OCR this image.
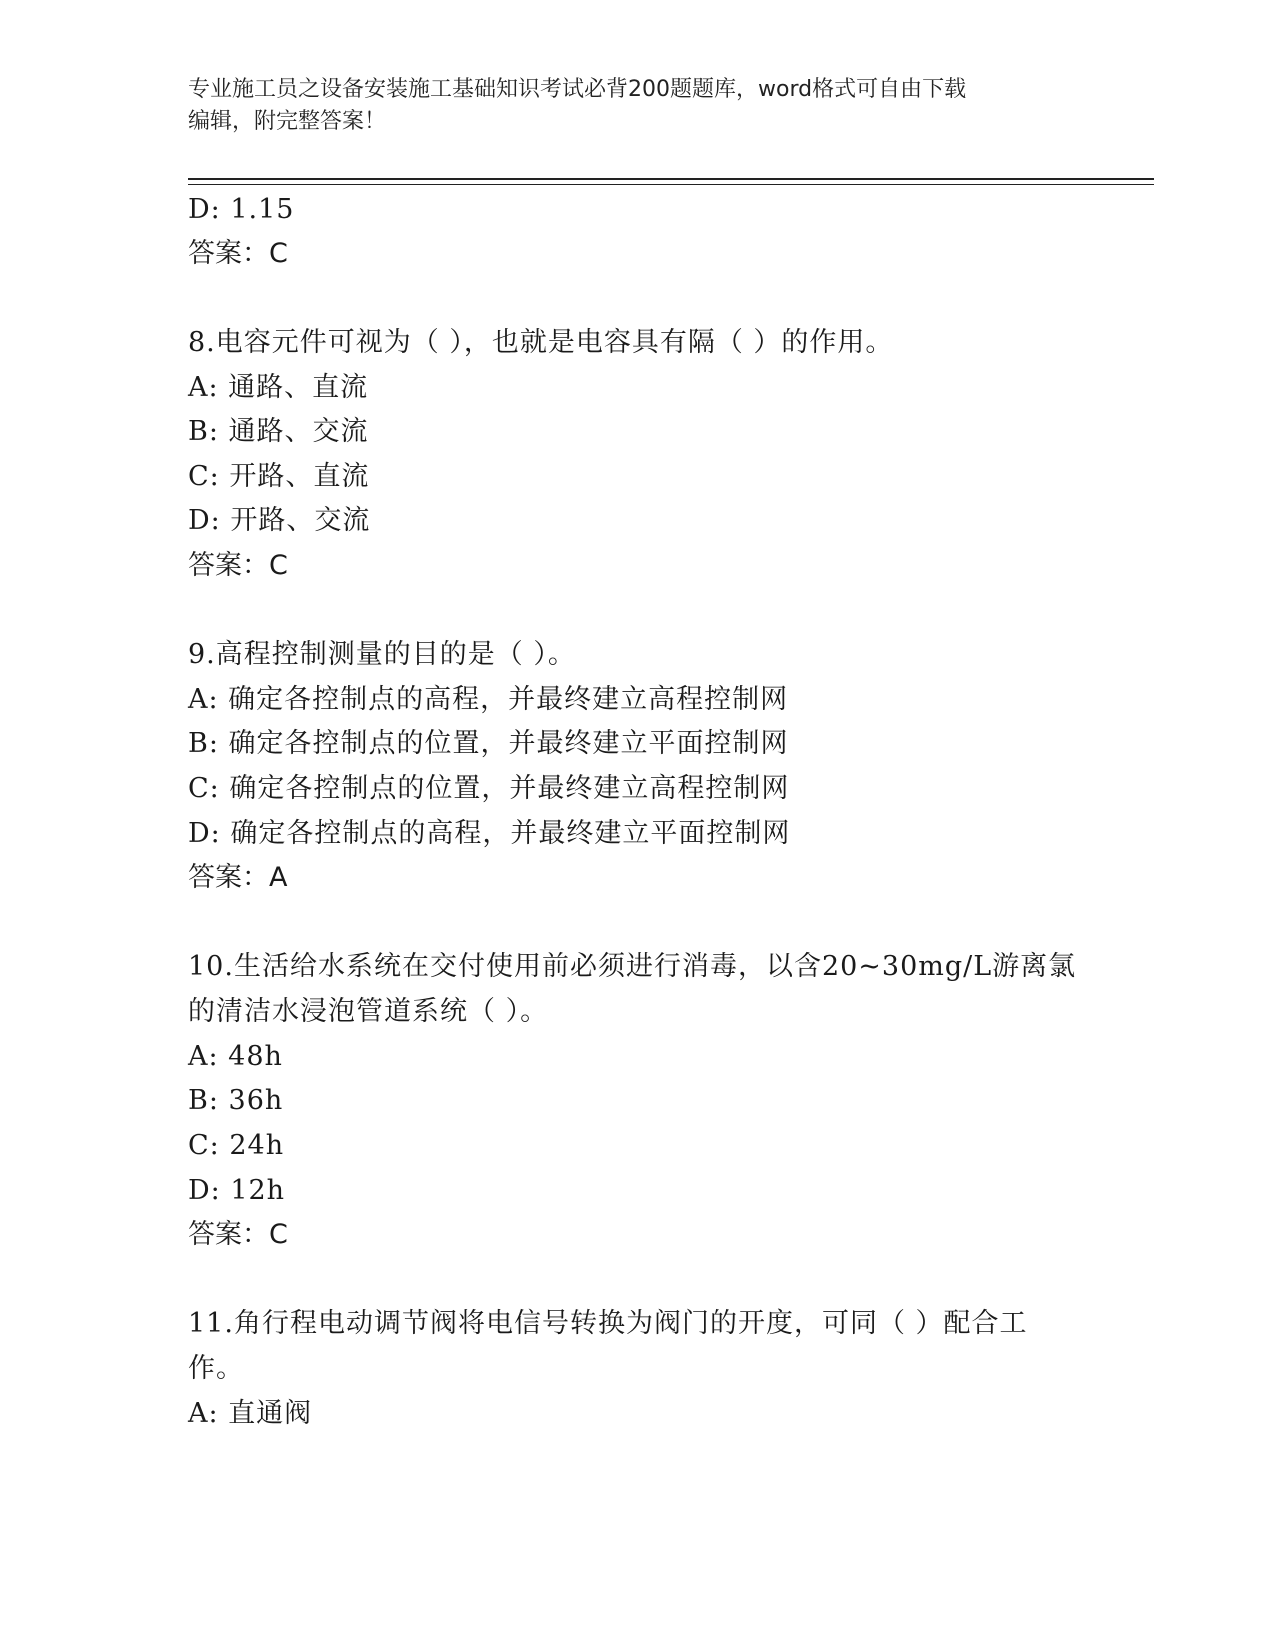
专业施工员之设备安装施工基础知识考试必背200题题库，word格式可自由下载
编辑，附完整答案！
D: 1.15
答案：C
8.电容元件可视为（ ），也就是电容具有隔（ ）的作用。
A: 通路、直流
B: 通路、交流
C: 开路、直流
D: 开路、交流
答案：C
9.高程控制测量的目的是（ ）。
A: 确定各控制点的高程，并最终建立高程控制网
B: 确定各控制点的位置，并最终建立平面控制网
C: 确定各控制点的位置，并最终建立高程控制网
D: 确定各控制点的高程，并最终建立平面控制网
答案：A
10.生活给水系统在交付使用前必须进行消毒，以含20~30mg/L游离氯
的清洁水浸泡管道系统（ ）。
A: 48h
B: 36h
C: 24h
D: 12h
答案：C
11.角行程电动调节阀将电信号转换为阀门的开度，可同（ ）配合工
作。
A: 直通阀
